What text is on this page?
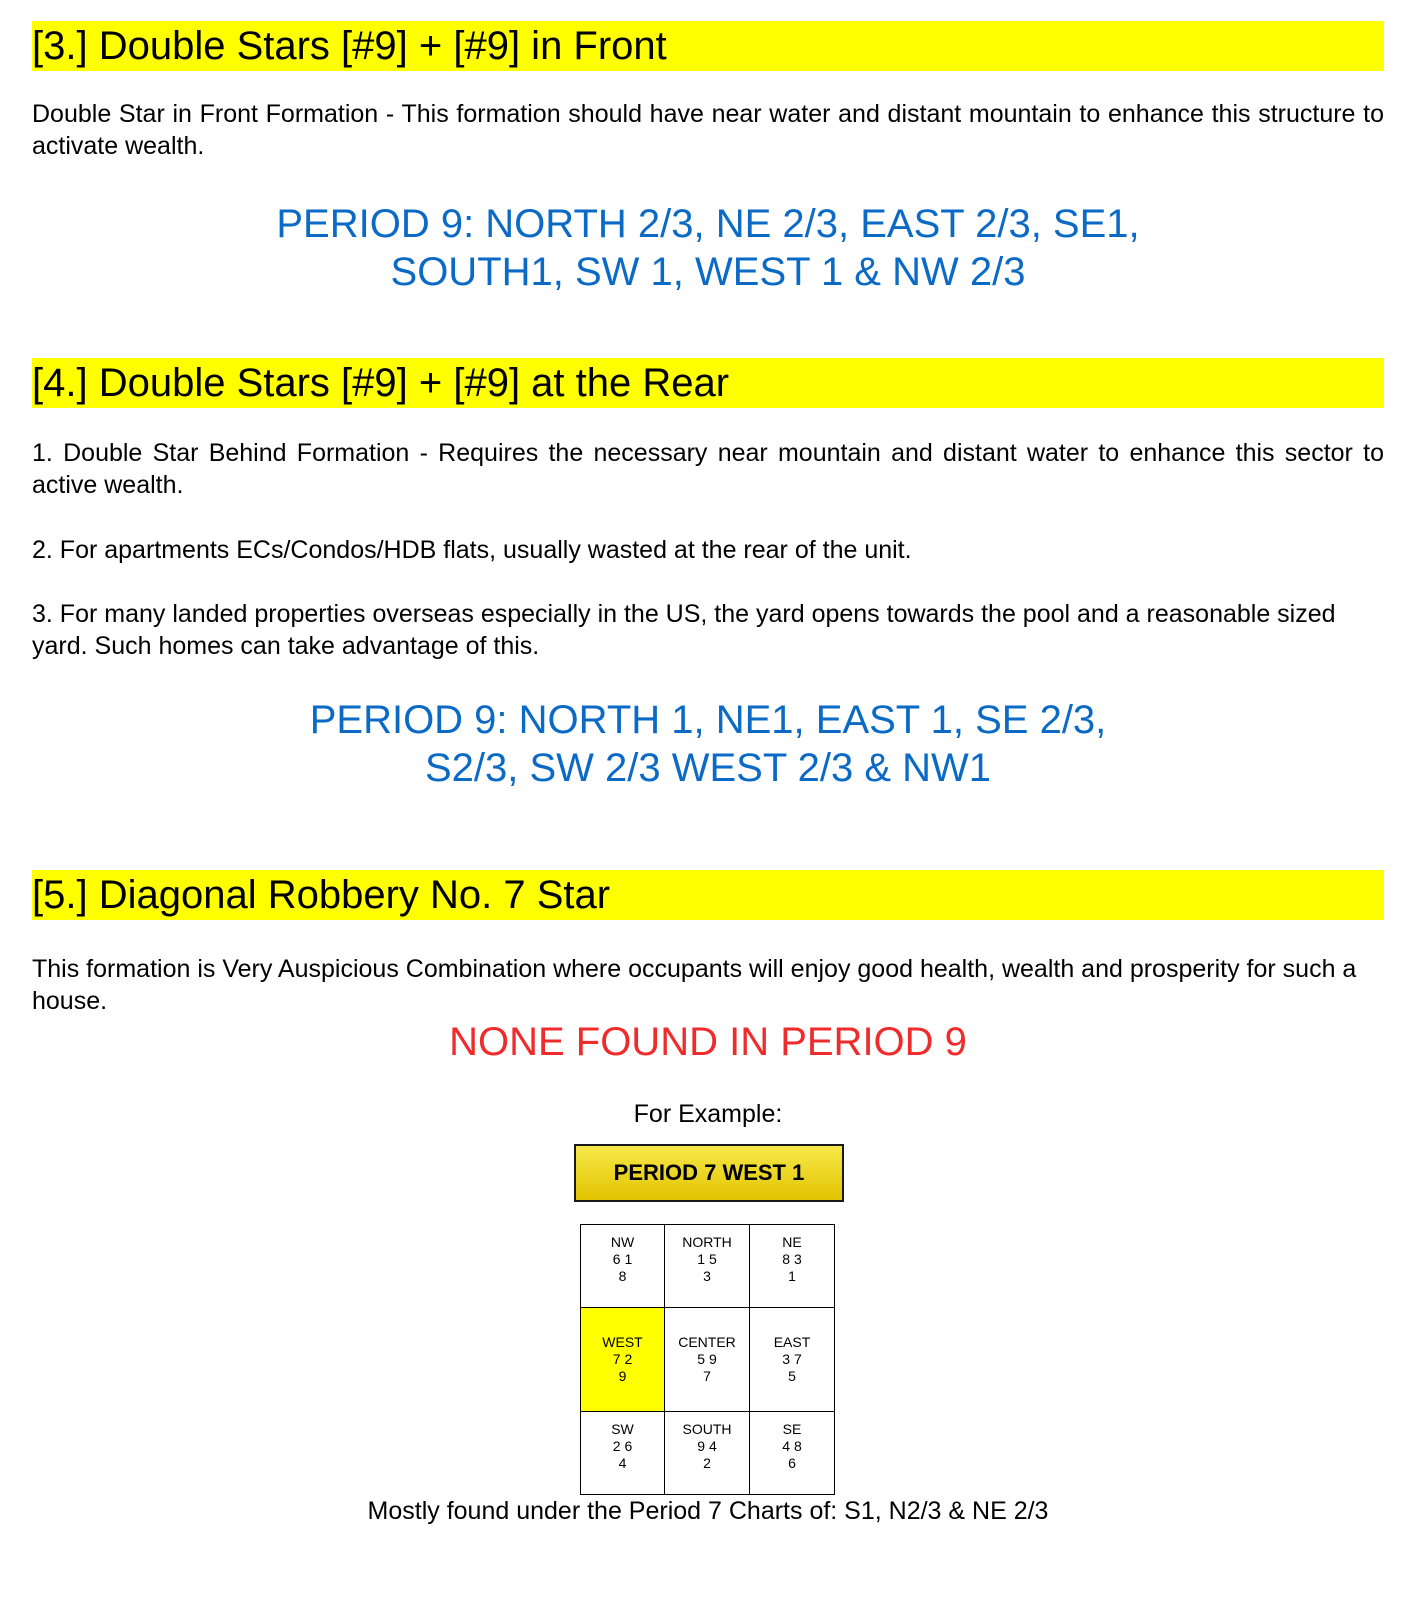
[3.] Double Stars [#9] + [#9] in Front

Double Star in Front Formation - This formation should have near water and distant mountain to enhance this structure to activate wealth.

PERIOD 9: NORTH 2/3, NE 2/3, EAST 2/3, SE1,
SOUTH1, SW 1, WEST 1 & NW 2/3
[4.] Double Stars [#9] + [#9] at the Rear

1. Double Star Behind Formation - Requires the necessary near mountain and distant water to enhance this sector to active wealth.

2. For apartments ECs/Condos/HDB flats, usually wasted at the rear of the unit.

3. For many landed properties overseas especially in the US, the yard opens towards the pool and a reasonable sized yard. Such homes can take advantage of this.

PERIOD 9: NORTH 1, NE1, EAST 1, SE 2/3,
S2/3, SW 2/3 WEST 2/3 & NW1
[5.] Diagonal Robbery No. 7 Star

This formation is Very Auspicious Combination where occupants will enjoy good health, wealth and prosperity for such a house.

NONE FOUND IN PERIOD 9
For Example:
PERIOD 7 WEST 1
NW
6 1
8
NORTH
1 5
3
NE
8 3
1
WEST
7 2
9
CENTER
5 9
7
EAST
3 7
5
SW
2 6
4
SOUTH
9 4
2
SE
4 8
6
Mostly found under the Period 7 Charts of: S1, N2/3 & NE 2/3
